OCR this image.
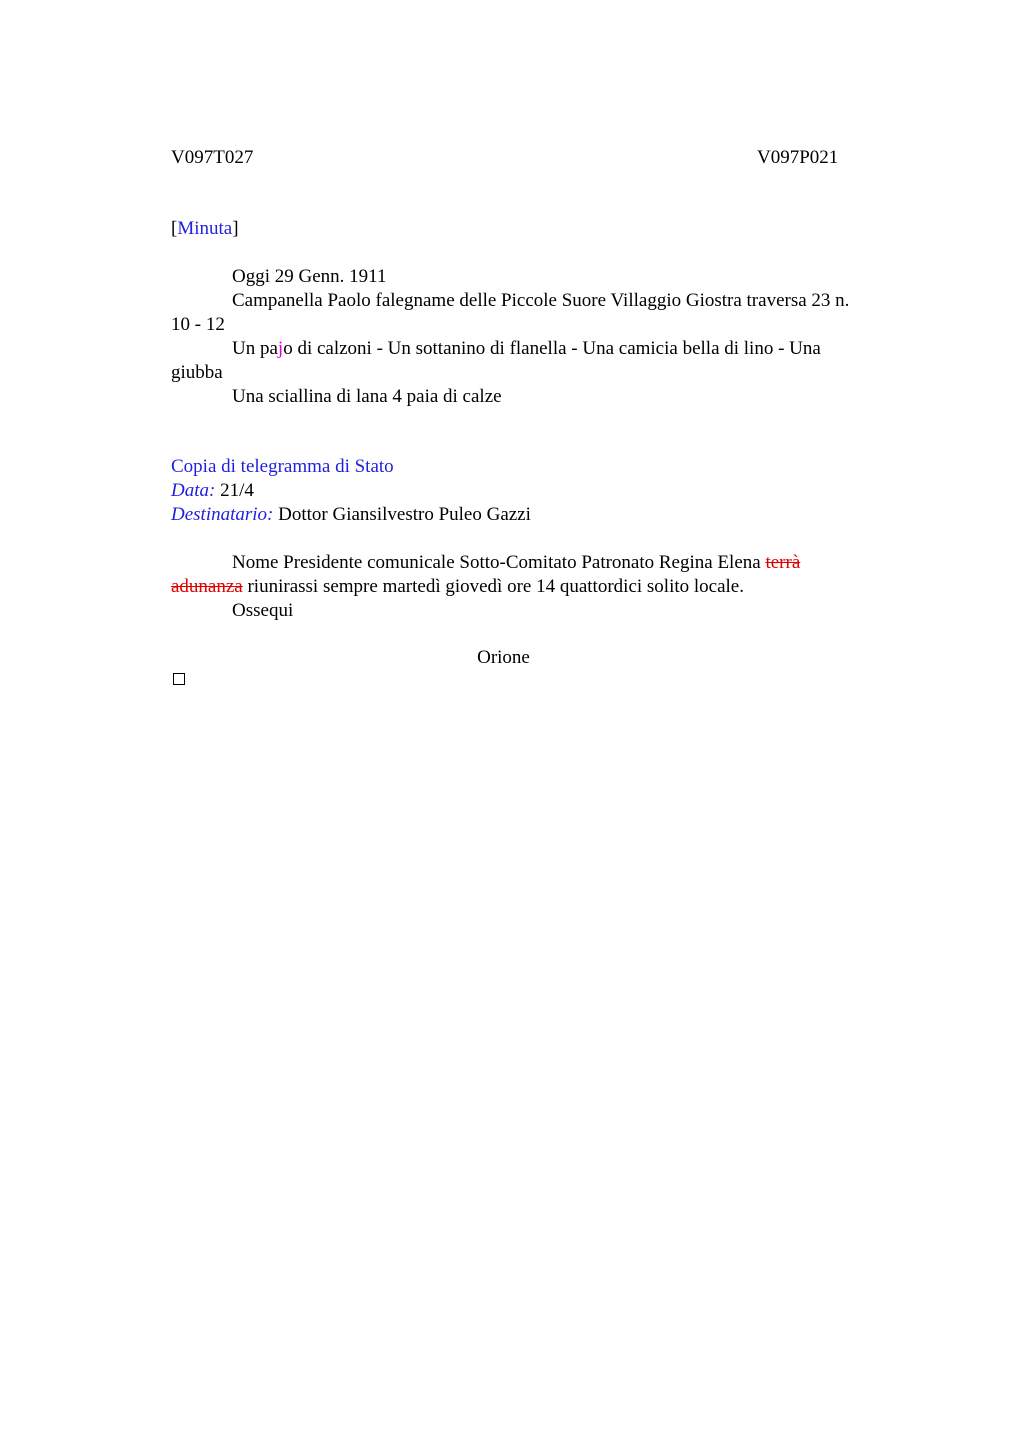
V097T027	V097P021
[Minuta]
Oggi 29 Genn. 1911
Campanella Paolo falegname delle Piccole Suore Villaggio Giostra traversa 23 n.
10 - 12
Un pajo di calzoni - Un sottanino di flanella - Una camicia bella di lino - Una
giubba
Una sciallina di lana 4 paia di calze
Copia di telegramma di Stato
Data: 21/4
Destinatario: Dottor Giansilvestro Puleo Gazzi
Nome Presidente comunicale Sotto-Comitato Patronato Regina Elena terrà
adunanza riunirassi sempre martedì giovedì ore 14 quattordici solito locale.
Ossequi
Orione
